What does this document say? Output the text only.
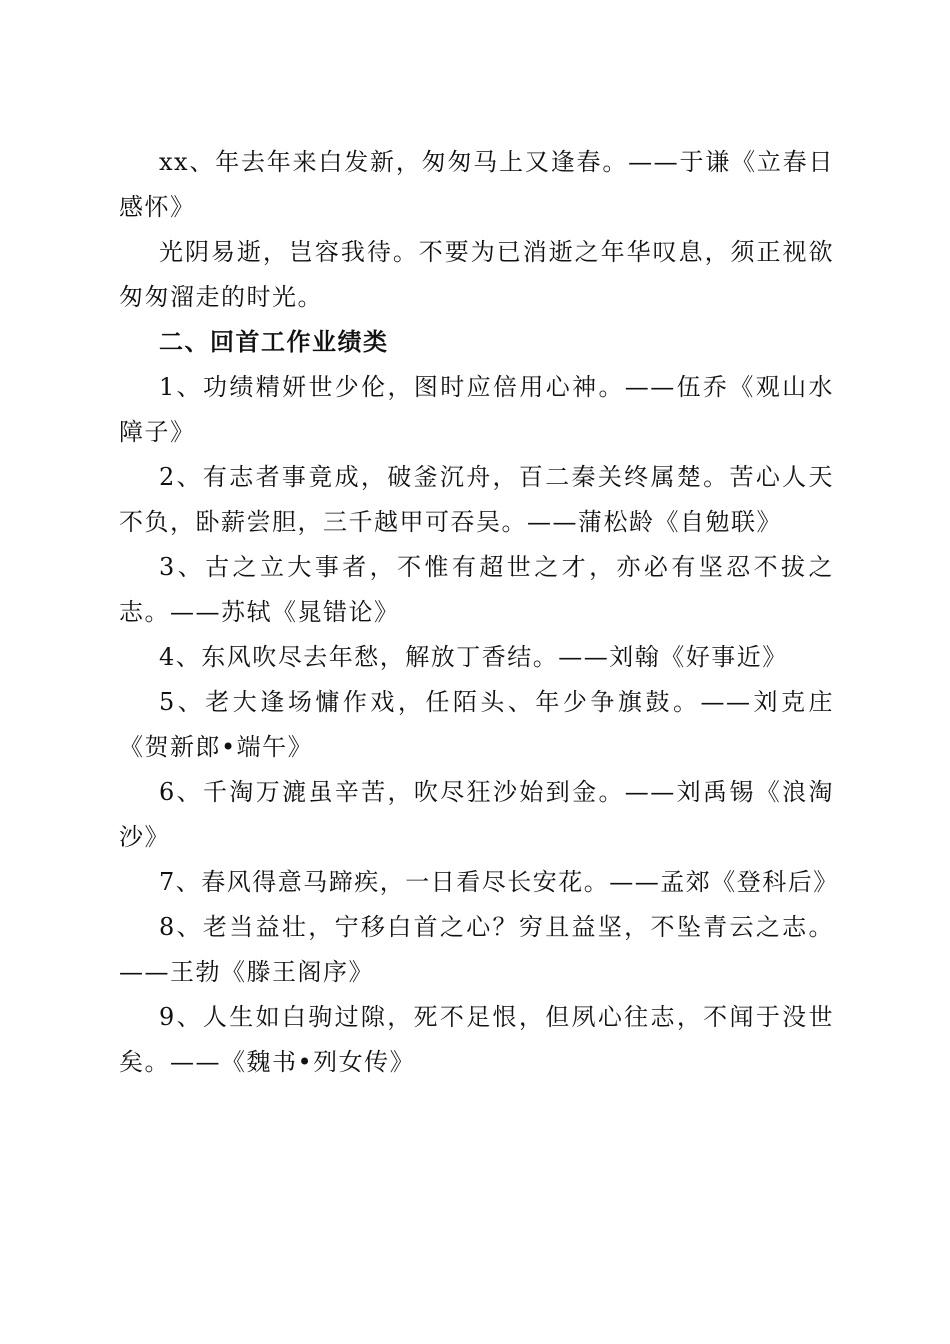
xx、年去年来白发新，匆匆马上又逢春。——于谦《立春日感怀》

光阴易逝，岂容我待。不要为已消逝之年华叹息，须正视欲匆匆溜走的时光。

二、回首工作业绩类

1、功绩精妍世少伦，图时应倍用心神。——伍乔《观山水障子》

2、有志者事竟成，破釜沉舟，百二秦关终属楚。苦心人天不负，卧薪尝胆，三千越甲可吞吴。——蒲松龄《自勉联》

3、古之立大事者，不惟有超世之才，亦必有坚忍不拔之志。——苏轼《晁错论》

4、东风吹尽去年愁，解放丁香结。——刘翰《好事近》

5、老大逢场慵作戏，任陌头、年少争旗鼓。——刘克庄《贺新郎•端午》

6、千淘万漉虽辛苦，吹尽狂沙始到金。——刘禹锡《浪淘沙》

7、春风得意马蹄疾，一日看尽长安花。——孟郊《登科后》

8、老当益壮，宁移白首之心？穷且益坚，不坠青云之志。——王勃《滕王阁序》

9、人生如白驹过隙，死不足恨，但夙心往志，不闻于没世矣。——《魏书•列女传》
